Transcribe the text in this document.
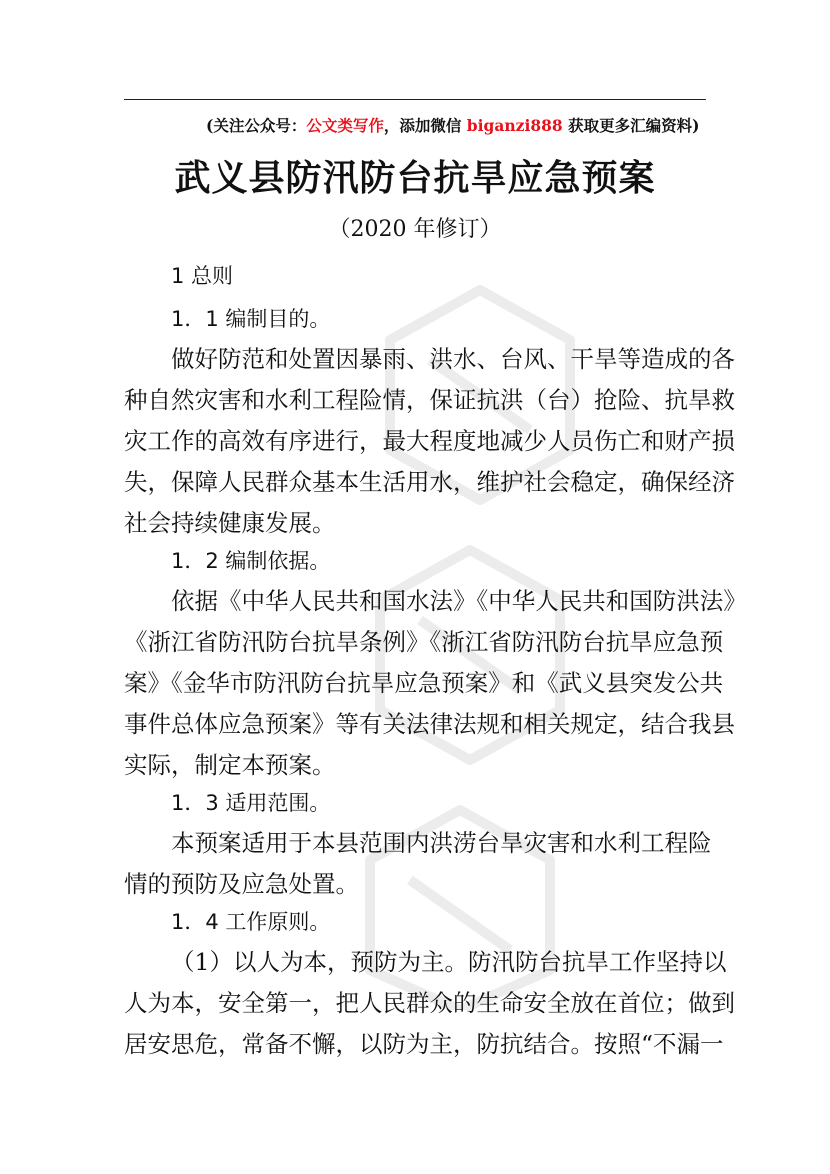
(关注公众号：公文类写作，添加微信 biganzi888 获取更多汇编资料)
武义县防汛防台抗旱应急预案
（2020 年修订）
1 总则
1．1 编制目的。
做好防范和处置因暴雨、洪水、台风、干旱等造成的各
种自然灾害和水利工程险情，保证抗洪（台）抢险、抗旱救
灾工作的高效有序进行，最大程度地减少人员伤亡和财产损
失，保障人民群众基本生活用水，维护社会稳定，确保经济
社会持续健康发展。
1．2 编制依据。
依据《中华人民共和国水法》《中华人民共和国防洪法》
《浙江省防汛防台抗旱条例》《浙江省防汛防台抗旱应急预
案》《金华市防汛防台抗旱应急预案》和《武义县突发公共
事件总体应急预案》等有关法律法规和相关规定，结合我县
实际，制定本预案。
1．3 适用范围。
本预案适用于本县范围内洪涝台旱灾害和水利工程险
情的预防及应急处置。
1．4 工作原则。
（1）以人为本，预防为主。防汛防台抗旱工作坚持以
人为本，安全第一，把人民群众的生命安全放在首位；做到
居安思危，常备不懈，以防为主，防抗结合。按照“不漏一
